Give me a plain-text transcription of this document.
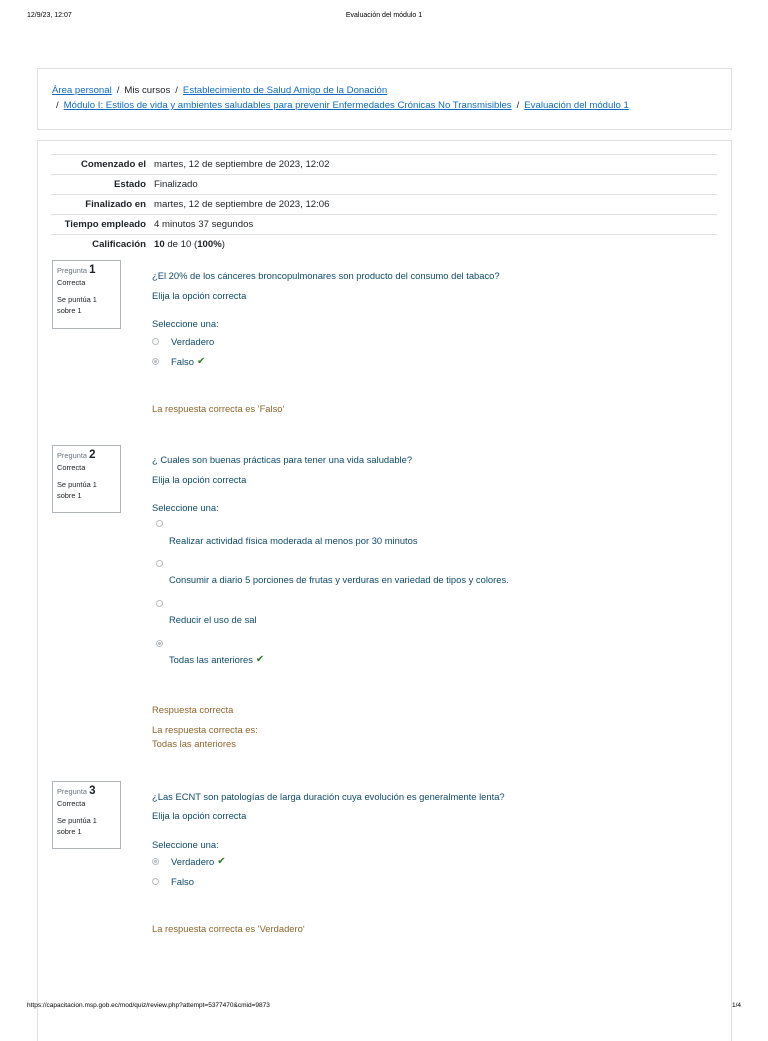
12/9/23, 12:07	Evaluación del módulo 1
Área personal / Mis cursos / Establecimiento de Salud Amigo de la Donación
/ Módulo I: Estilos de vida y ambientes saludables para prevenir Enfermedades Crónicas No Transmisibles / Evaluación del módulo 1
Comenzado el	martes, 12 de septiembre de 2023, 12:02
Estado	Finalizado
Finalizado en	martes, 12 de septiembre de 2023, 12:06
Tiempo empleado	4 minutos 37 segundos
Calificación	10 de 10 (100%)
Pregunta 1
Correcta
Se puntúa 1 sobre 1
¿El 20% de los cánceres broncopulmonares son producto del consumo del tabaco?
Elija la opción correcta
Seleccione una:
Verdadero
Falso ✔
La respuesta correcta es 'Falso'
Pregunta 2
Correcta
Se puntúa 1 sobre 1
¿ Cuales son buenas prácticas para tener una vida saludable?
Elija la opción correcta
Seleccione una:
Realizar actividad física moderada al menos por 30 minutos
Consumir a diario 5 porciones de frutas y verduras en variedad de tipos y colores.
Reducir el uso de sal
Todas las anteriores ✔
Respuesta correcta
La respuesta correcta es:
Todas las anteriores
Pregunta 3
Correcta
Se puntúa 1 sobre 1
¿Las ECNT son patologías de larga duración cuya evolución es generalmente lenta?
Elija la opción correcta
Seleccione una:
Verdadero ✔
Falso
La respuesta correcta es 'Verdadero'
https://capacitacion.msp.gob.ec/mod/quiz/review.php?attempt=5377470&cmid=9873	1/4
